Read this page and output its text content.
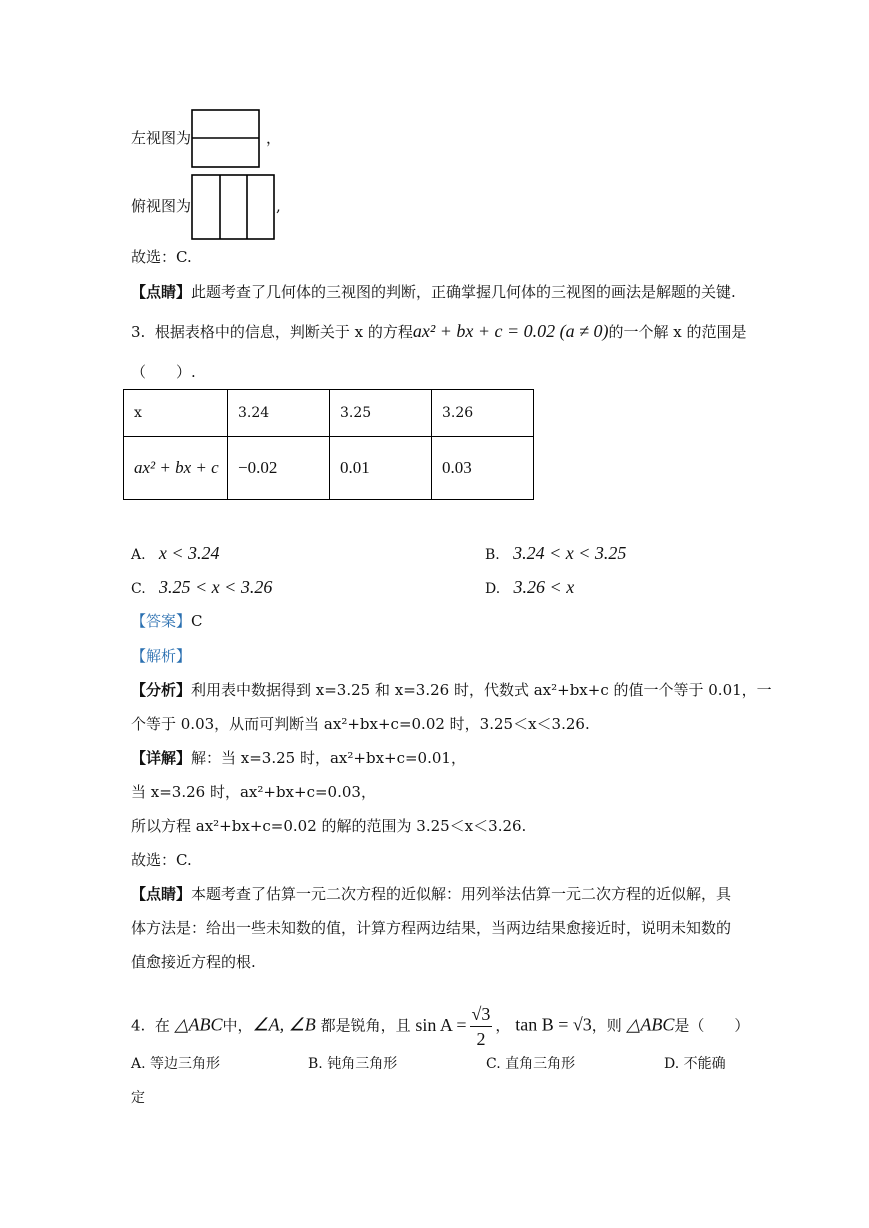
左视图为	，
俯视图为	,
故选：C.
【点睛】此题考查了几何体的三视图的判断，正确掌握几何体的三视图的画法是解题的关键.
3. 根据表格中的信息，判断关于 x 的方程ax² + bx + c = 0.02 (a ≠ 0)的一个解 x 的范围是
（　　）.
x	3.24	3.25	3.26
ax² + bx + c	−0.02	0.01	0.03
A. x < 3.24	B. 3.24 < x < 3.25
C. 3.25 < x < 3.26	D. 3.26 < x
【答案】C
【解析】
【分析】利用表中数据得到 x=3.25 和 x=3.26 时，代数式 ax²+bx+c 的值一个等于 0.01，一
个等于 0.03，从而可判断当 ax²+bx+c=0.02 时，3.25＜x＜3.26.
【详解】解：当 x=3.25 时，ax²+bx+c=0.01，
当 x=3.26 时，ax²+bx+c=0.03，
所以方程 ax²+bx+c=0.02 的解的范围为 3.25＜x＜3.26.
故选：C.
【点睛】本题考查了估算一元二次方程的近似解：用列举法估算一元二次方程的近似解，具
体方法是：给出一些未知数的值，计算方程两边结果，当两边结果愈接近时，说明未知数的
值愈接近方程的根.
4. 在 △ABC中，∠A, ∠B 都是锐角，且 $\sin A = \frac{√3}{2}$ ， tan B = √3，则 △ABC是（　　）
A. 等边三角形	B. 钝角三角形	C. 直角三角形	D. 不能确
定
